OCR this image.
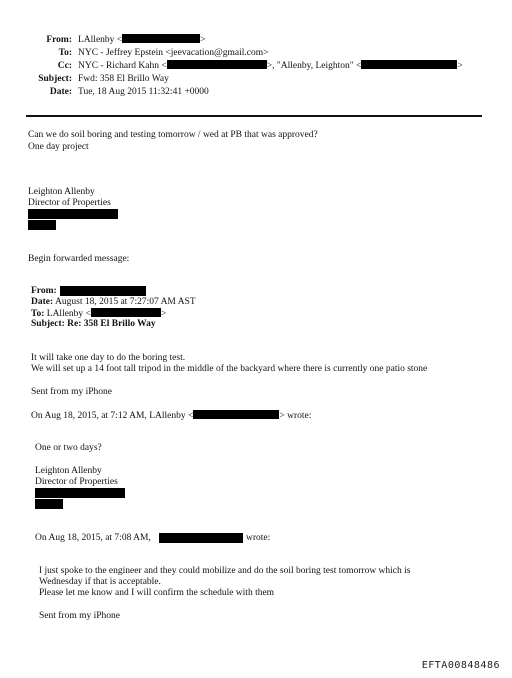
From: LAllenby <	>
To: NYC - Jeffrey Epstein <jeevacation@gmail.com>
Cc: NYC - Richard Kahn <	>, "Allenby, Leighton" <	>
Subject: Fwd: 358 El Brillo Way
Date: Tue, 18 Aug 2015 11:32:41 +0000
Can we do soil boring and testing tomorrow / wed at PB that was approved?
One day project
Leighton Allenby
Director of Properties
Begin forwarded message:
From:
Date: August 18, 2015 at 7:27:07 AM AST
To: LAllenby <	>
Subject: Re: 358 El Brillo Way
It will take one day to do the boring test.
We will set up a 14 foot tall tripod in the middle of the backyard where there is currently one patio stone
Sent from my iPhone
On Aug 18, 2015, at 7:12 AM, LAllenby <	> wrote:
One or two days?
Leighton Allenby
Director of Properties
On Aug 18, 2015, at 7:08 AM,	wrote:
I just spoke to the engineer and they could mobilize and do the soil boring test tomorrow which is
Wednesday if that is acceptable.
Please let me know and I will confirm the schedule with them
Sent from my iPhone
EFTA00848486
